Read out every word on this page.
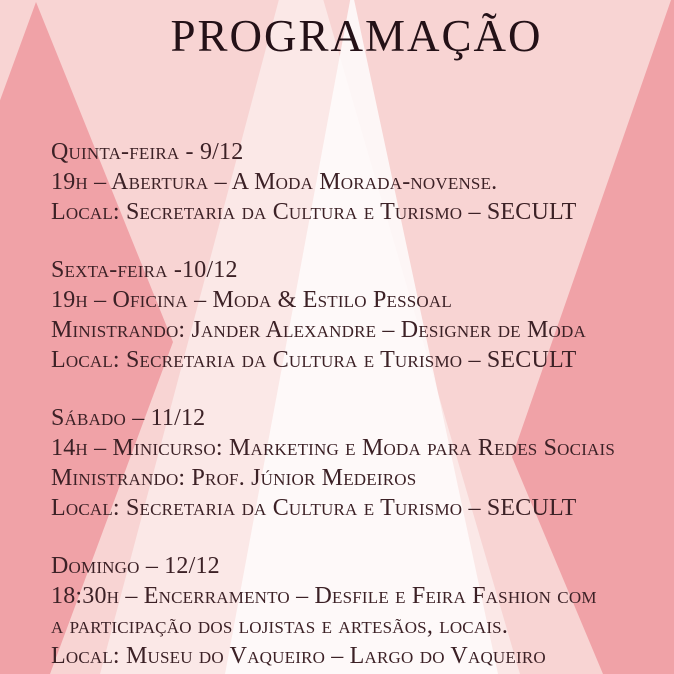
PROGRAMAÇÃO
Quinta-feira - 9/12
19h – Abertura – A Moda Morada-novense.
Local: Secretaria da Cultura e Turismo – SECULT
Sexta-feira -10/12
19h – Oficina – Moda & Estilo Pessoal
Ministrando: Jander Alexandre – Designer de Moda
Local: Secretaria da Cultura e Turismo – SECULT
Sábado – 11/12
14h – Minicurso: Marketing e Moda para Redes Sociais
Ministrando: Prof. Júnior Medeiros
Local: Secretaria da Cultura e Turismo – SECULT
Domingo – 12/12
18:30h – Encerramento – Desfile e Feira Fashion com
a participação dos lojistas e artesãos, locais.
Local: Museu do Vaqueiro – Largo do Vaqueiro
